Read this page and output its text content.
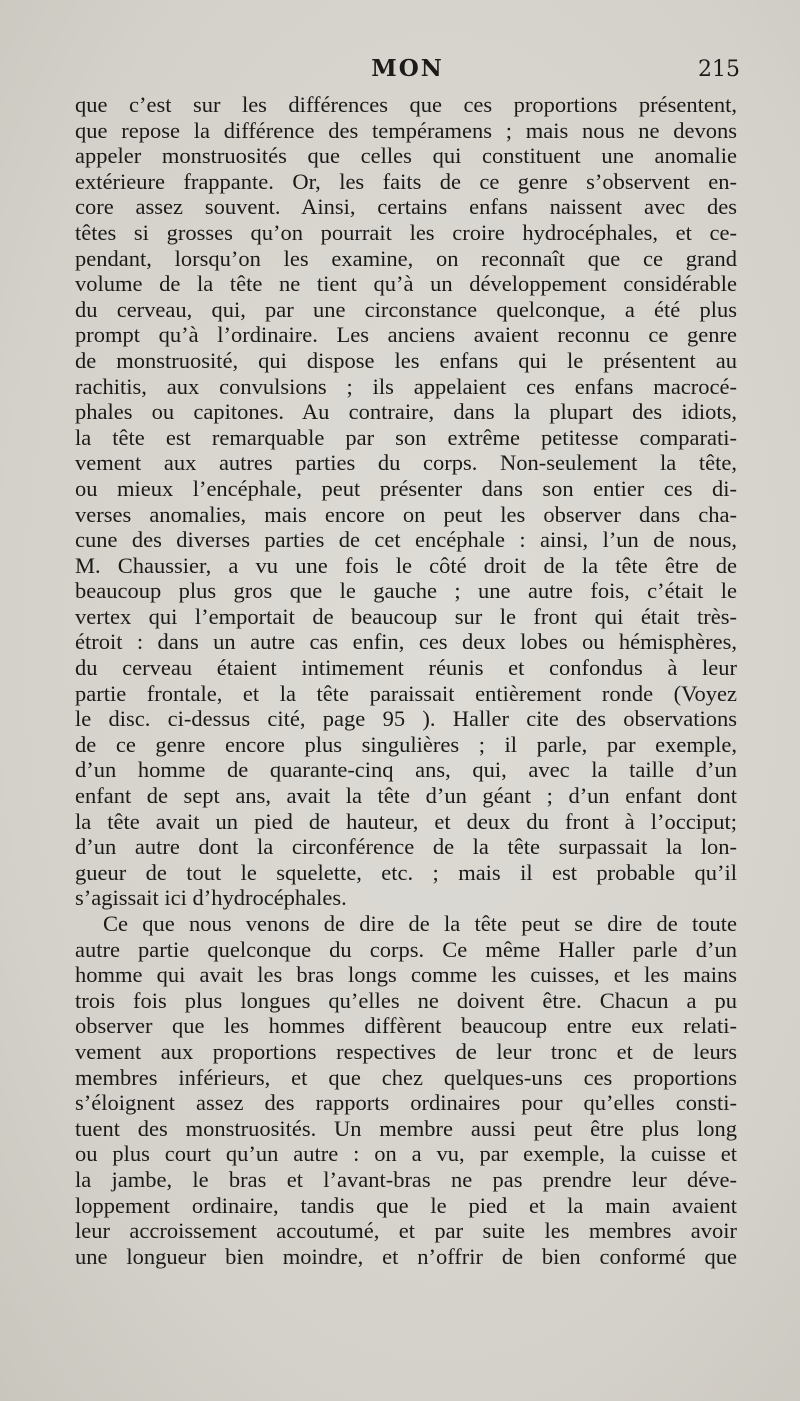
MON	215
que c’est sur les différences que ces proportions présentent,
que repose la différence des tempéramens ; mais nous ne devons
appeler monstruosités que celles qui constituent une anomalie
extérieure frappante. Or, les faits de ce genre s’observent en-
core assez souvent. Ainsi, certains enfans naissent avec des
têtes si grosses qu’on pourrait les croire hydrocéphales, et ce-
pendant, lorsqu’on les examine, on reconnaît que ce grand
volume de la tête ne tient qu’à un développement considérable
du cerveau, qui, par une circonstance quelconque, a été plus
prompt qu’à l’ordinaire. Les anciens avaient reconnu ce genre
de monstruosité, qui dispose les enfans qui le présentent au
rachitis, aux convulsions ; ils appelaient ces enfans macrocé-
phales ou capitones. Au contraire, dans la plupart des idiots,
la tête est remarquable par son extrême petitesse comparati-
vement aux autres parties du corps. Non-seulement la tête,
ou mieux l’encéphale, peut présenter dans son entier ces di-
verses anomalies, mais encore on peut les observer dans cha-
cune des diverses parties de cet encéphale : ainsi, l’un de nous,
M. Chaussier, a vu une fois le côté droit de la tête être de
beaucoup plus gros que le gauche ; une autre fois, c’était le
vertex qui l’emportait de beaucoup sur le front qui était très-
étroit : dans un autre cas enfin, ces deux lobes ou hémisphères,
du cerveau étaient intimement réunis et confondus à leur
partie frontale, et la tête paraissait entièrement ronde (Voyez
le disc. ci-dessus cité, page 95 ). Haller cite des observations
de ce genre encore plus singulières ; il parle, par exemple,
d’un homme de quarante-cinq ans, qui, avec la taille d’un
enfant de sept ans, avait la tête d’un géant ; d’un enfant dont
la tête avait un pied de hauteur, et deux du front à l’occiput;
d’un autre dont la circonférence de la tête surpassait la lon-
gueur de tout le squelette, etc. ; mais il est probable qu’il
s’agissait ici d’hydrocéphales.
Ce que nous venons de dire de la tête peut se dire de toute
autre partie quelconque du corps. Ce même Haller parle d’un
homme qui avait les bras longs comme les cuisses, et les mains
trois fois plus longues qu’elles ne doivent être. Chacun a pu
observer que les hommes diffèrent beaucoup entre eux relati-
vement aux proportions respectives de leur tronc et de leurs
membres inférieurs, et que chez quelques-uns ces proportions
s’éloignent assez des rapports ordinaires pour qu’elles consti-
tuent des monstruosités. Un membre aussi peut être plus long
ou plus court qu’un autre : on a vu, par exemple, la cuisse et
la jambe, le bras et l’avant-bras ne pas prendre leur déve-
loppement ordinaire, tandis que le pied et la main avaient
leur accroissement accoutumé, et par suite les membres avoir
une longueur bien moindre, et n’offrir de bien conformé que
